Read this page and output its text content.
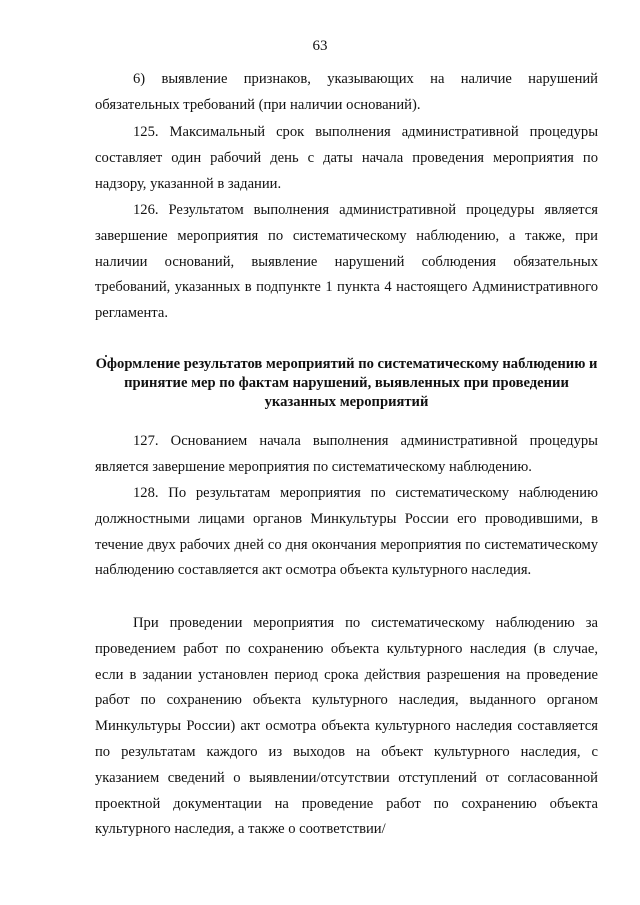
63

6) выявление признаков, указывающих на наличие нарушений обязательных требований (при наличии оснований).

125. Максимальный срок выполнения административной процедуры составляет один рабочий день с даты начала проведения мероприятия по надзору, указанной в задании.

126. Результатом выполнения административной процедуры является завершение мероприятия по систематическому наблюдению, а также, при наличии оснований, выявление нарушений соблюдения обязательных требований, указанных в подпункте 1 пункта 4 настоящего Административного регламента.

Оформление результатов мероприятий по систематическому наблюдению и принятие мер по фактам нарушений, выявленных при проведении указанных мероприятий

127. Основанием начала выполнения административной процедуры является завершение мероприятия по систематическому наблюдению.

128. По результатам мероприятия по систематическому наблюдению должностными лицами органов Минкультуры России его проводившими, в течение двух рабочих дней со дня окончания мероприятия по систематическому наблюдению составляется акт осмотра объекта культурного наследия.

При проведении мероприятия по систематическому наблюдению за проведением работ по сохранению объекта культурного наследия (в случае, если в задании установлен период срока действия разрешения на проведение работ по сохранению объекта культурного наследия, выданного органом Минкультуры России) акт осмотра объекта культурного наследия составляется по результатам каждого из выходов на объект культурного наследия, с указанием сведений о выявлении/отсутствии отступлений от согласованной проектной документации на проведение работ по сохранению объекта культурного наследия, а также о соответствии/
